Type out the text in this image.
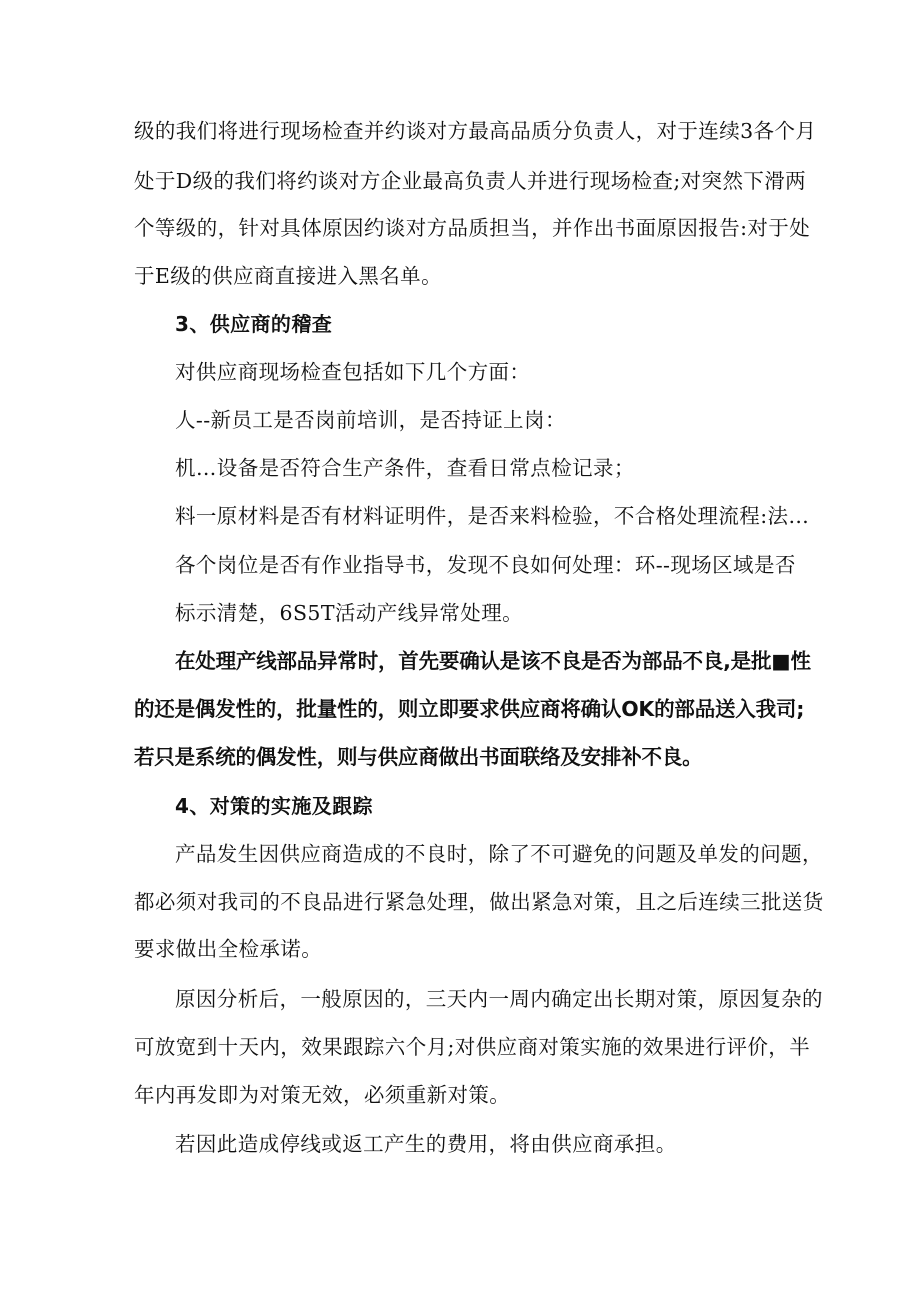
级的我们将进行现场检查并约谈对方最高品质分负责人，对于连续3各个月
处于D级的我们将约谈对方企业最高负责人并进行现场检查;对突然下滑两
个等级的，针对具体原因约谈对方品质担当，并作出书面原因报告:对于处
于E级的供应商直接进入黑名单。
3、供应商的稽查
对供应商现场检查包括如下几个方面：
人--新员工是否岗前培训，是否持证上岗：
机…设备是否符合生产条件，查看日常点检记录；
料一原材料是否有材料证明件，是否来料检验，不合格处理流程:法…
各个岗位是否有作业指导书，发现不良如何处理：环--现场区域是否
标示清楚，6S5T活动产线异常处理。
在处理产线部品异常时，首先要确认是该不良是否为部品不良,是批■性
的还是偶发性的，批量性的，则立即要求供应商将确认OK的部品送入我司;
若只是系统的偶发性，则与供应商做出书面联络及安排补不良。
4、对策的实施及跟踪
产品发生因供应商造成的不良时，除了不可避免的问题及单发的问题，
都必须对我司的不良品进行紧急处理，做出紧急对策，且之后连续三批送货
要求做出全检承诺。
原因分析后，一般原因的，三天内一周内确定出长期对策，原因复杂的
可放宽到十天内，效果跟踪六个月;对供应商对策实施的效果进行评价，半
年内再发即为对策无效，必须重新对策。
若因此造成停线或返工产生的费用，将由供应商承担。
